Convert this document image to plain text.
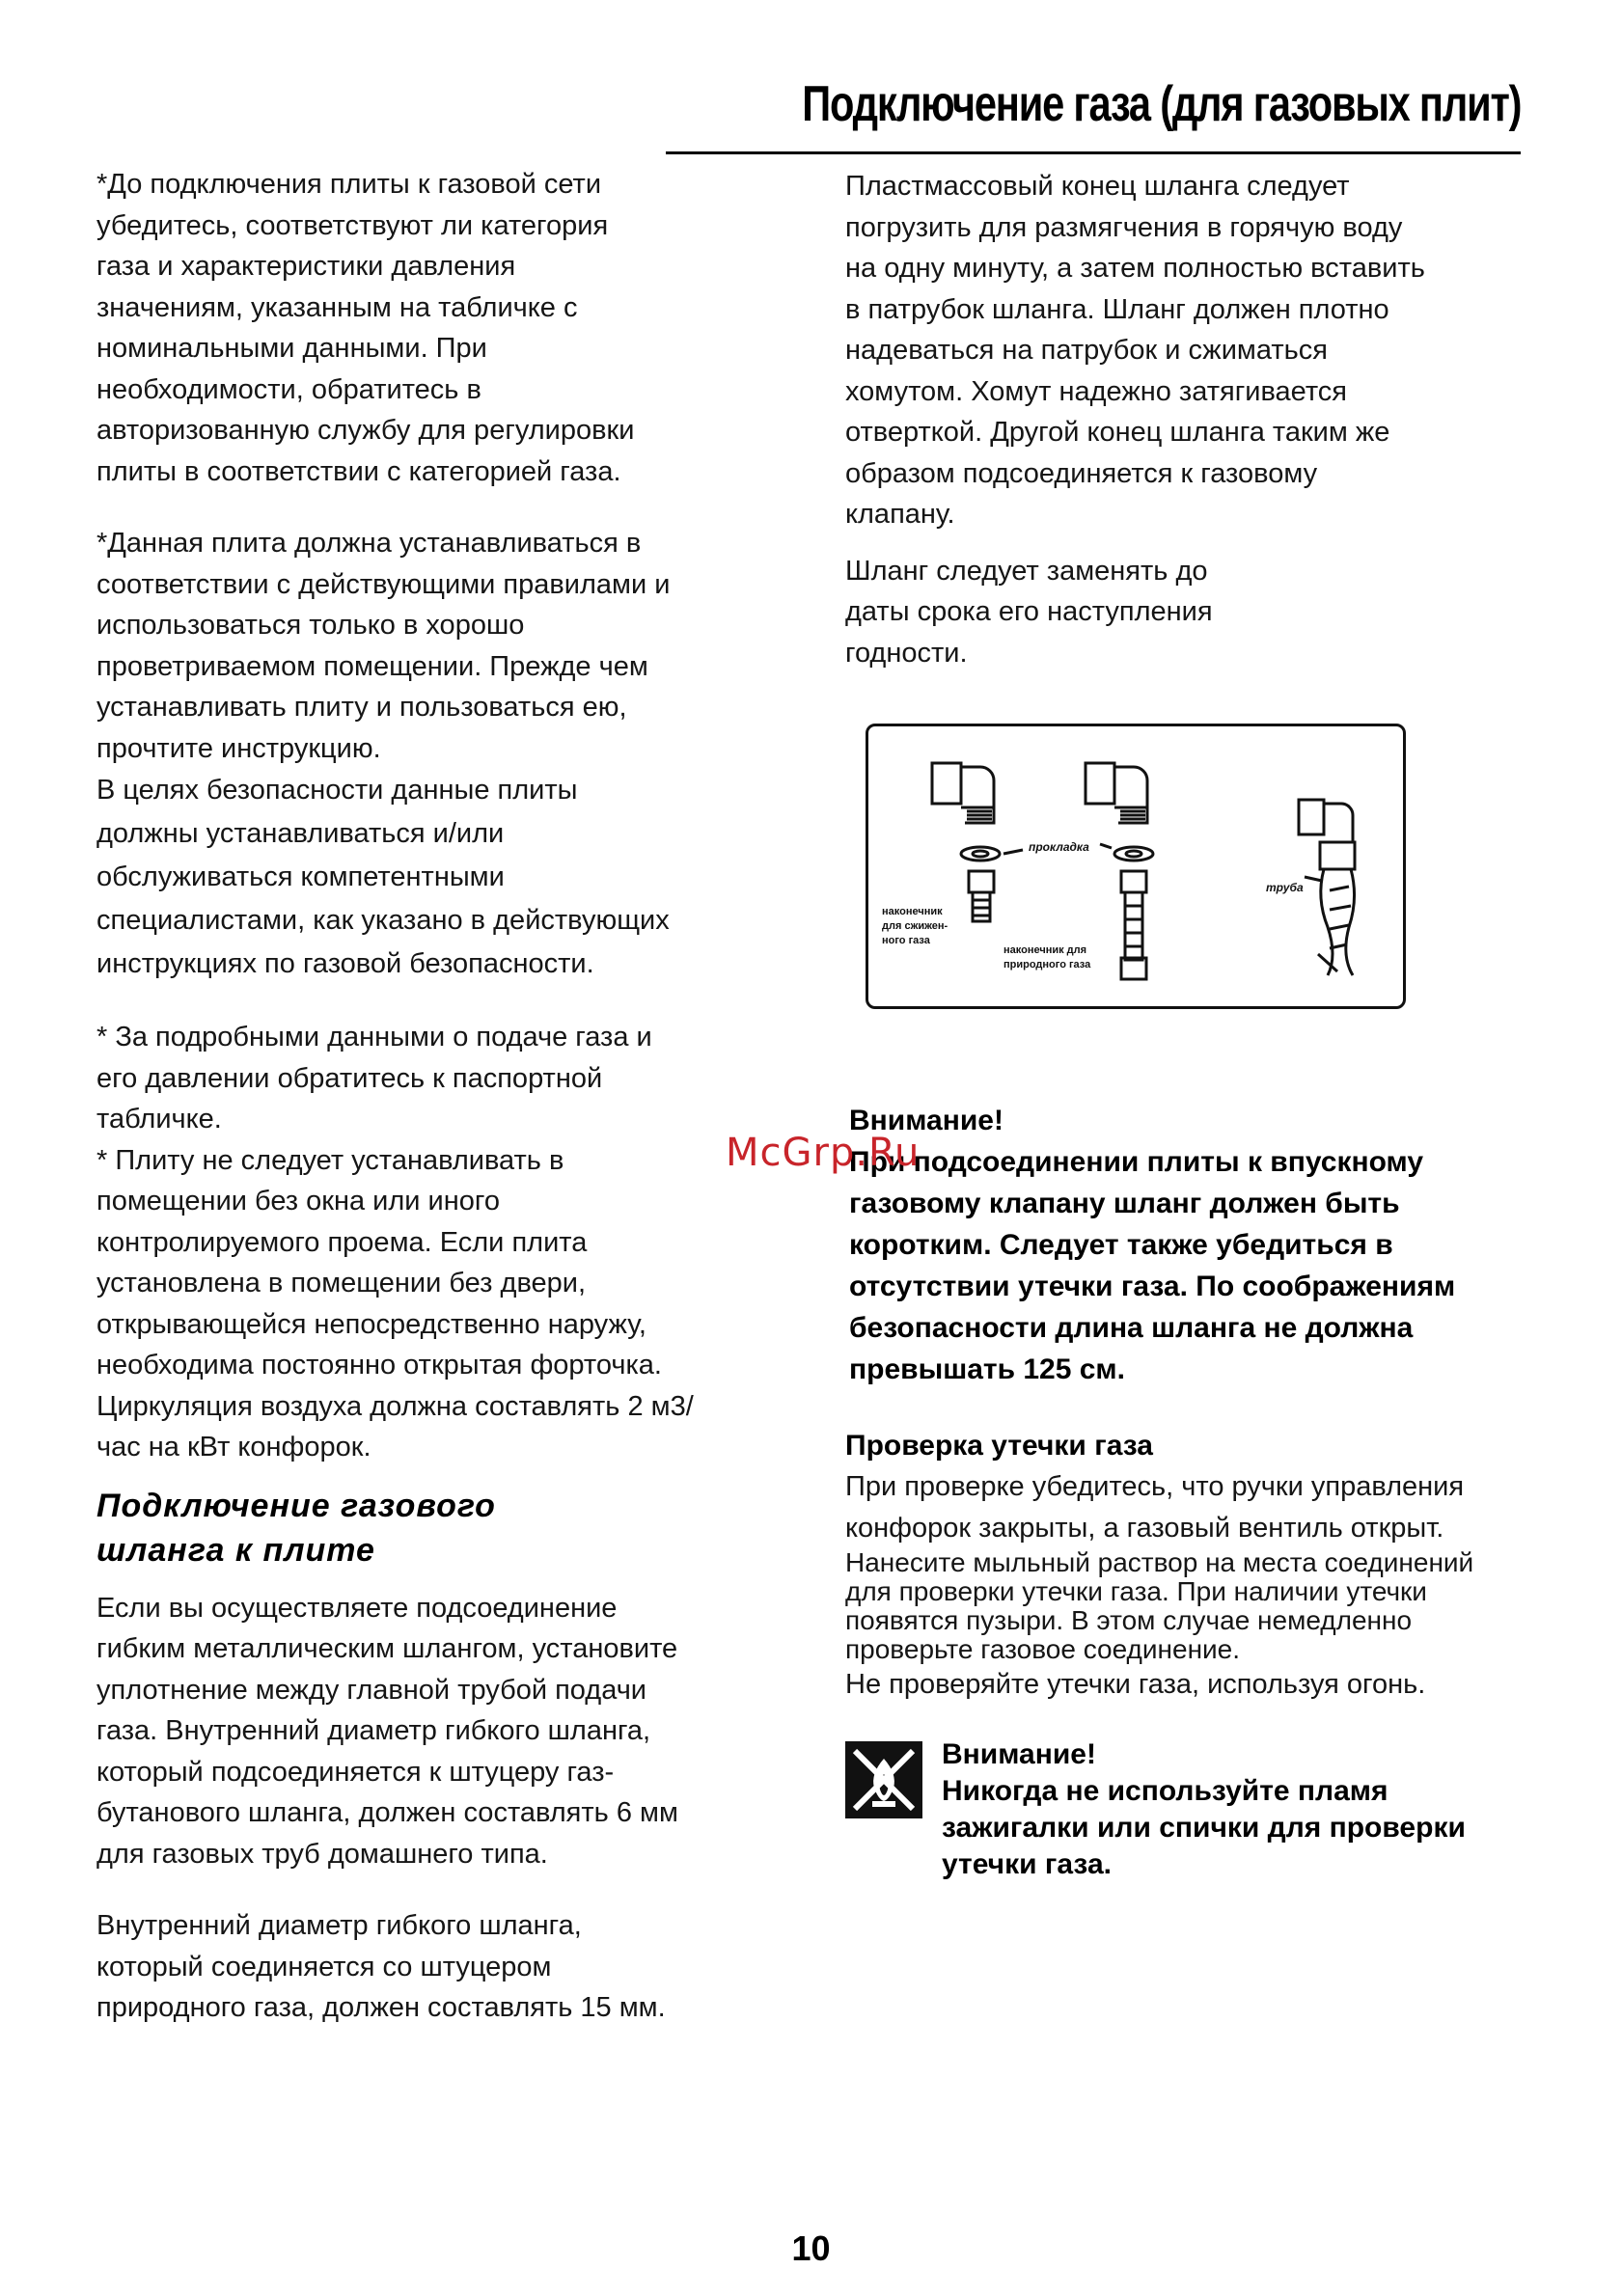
Подключение газа (для газовых плит)

*До подключения плиты к газовой сети

убедитесь, соответствуют ли категория

газа и характеристики давления

значениям, указанным на табличке с

номинальными данными. При

необходимости, обратитесь в

авторизованную службу для регулировки

плиты в соответствии с категорией газа.

*Данная плита должна устанавливаться в

соответствии с действующими правилами и

использоваться только в хорошо

проветриваемом помещении. Прежде чем

устанавливать плиту и пользоваться ею,

прочтите инструкцию.

В целях безопасности данные плиты

должны устанавливаться и/или

обслуживаться компетентными

специалистами, как указано в действующих

инструкциях по газовой безопасности.

* За подробными данными о подаче газа и

его давлении обратитесь к паспортной

табличке.

* Плиту не следует устанавливать в

помещении без окна или иного

контролируемого проема. Если плита

установлена в помещении без двери,

открывающейся непосредственно наружу,

необходима постоянно открытая форточка.

Циркуляция воздуха должна составлять 2 м3/

час на кВт конфорок.

Подключение газового
шланга к плите

Если вы осуществляете подсоединение

гибким металлическим шлангом, установите

уплотнение между главной трубой подачи

газа. Внутренний диаметр гибкого шланга,

который подсоединяется к штуцеру газ-

бутанового шланга, должен составлять 6 мм

для газовых труб домашнего типа.

Внутренний диаметр гибкого шланга,

который соединяется со штуцером

природного газа, должен составлять 15 мм.

Пластмассовый конец шланга следует

погрузить для размягчения в горячую воду

на одну минуту, а затем полностью вставить

в патрубок шланга. Шланг должен плотно

надеваться на патрубок и сжиматься

хомутом. Хомут надежно затягивается

отверткой. Другой конец шланга таким же

образом подсоединяется к газовому

клапану.

Шланг следует заменять до

даты срока его наступления

годности.

прокладка
наконечник
для сжижен-
ного газа
наконечник для
природного газа
труба
Внимание!
При подсоединении плиты к впускному
газовому клапану шланг должен быть
коротким. Следует также убедиться в
отсутствии утечки газа. По соображениям
безопасности длина шланга не должна
превышать 125 см.
Проверка утечки газа

При проверке убедитесь, что ручки управления

конфорок закрыты, а газовый вентиль открыт.

Нанесите мыльный раствор на места соединений

для проверки утечки газа. При наличии утечки

появятся пузыри. В этом случае немедленно

проверьте газовое соединение.

Не проверяйте утечки газа, используя огонь.

Внимание!
Никогда не используйте пламя
зажигалки или спички для проверки
утечки газа.
McGrp.Ru
10
